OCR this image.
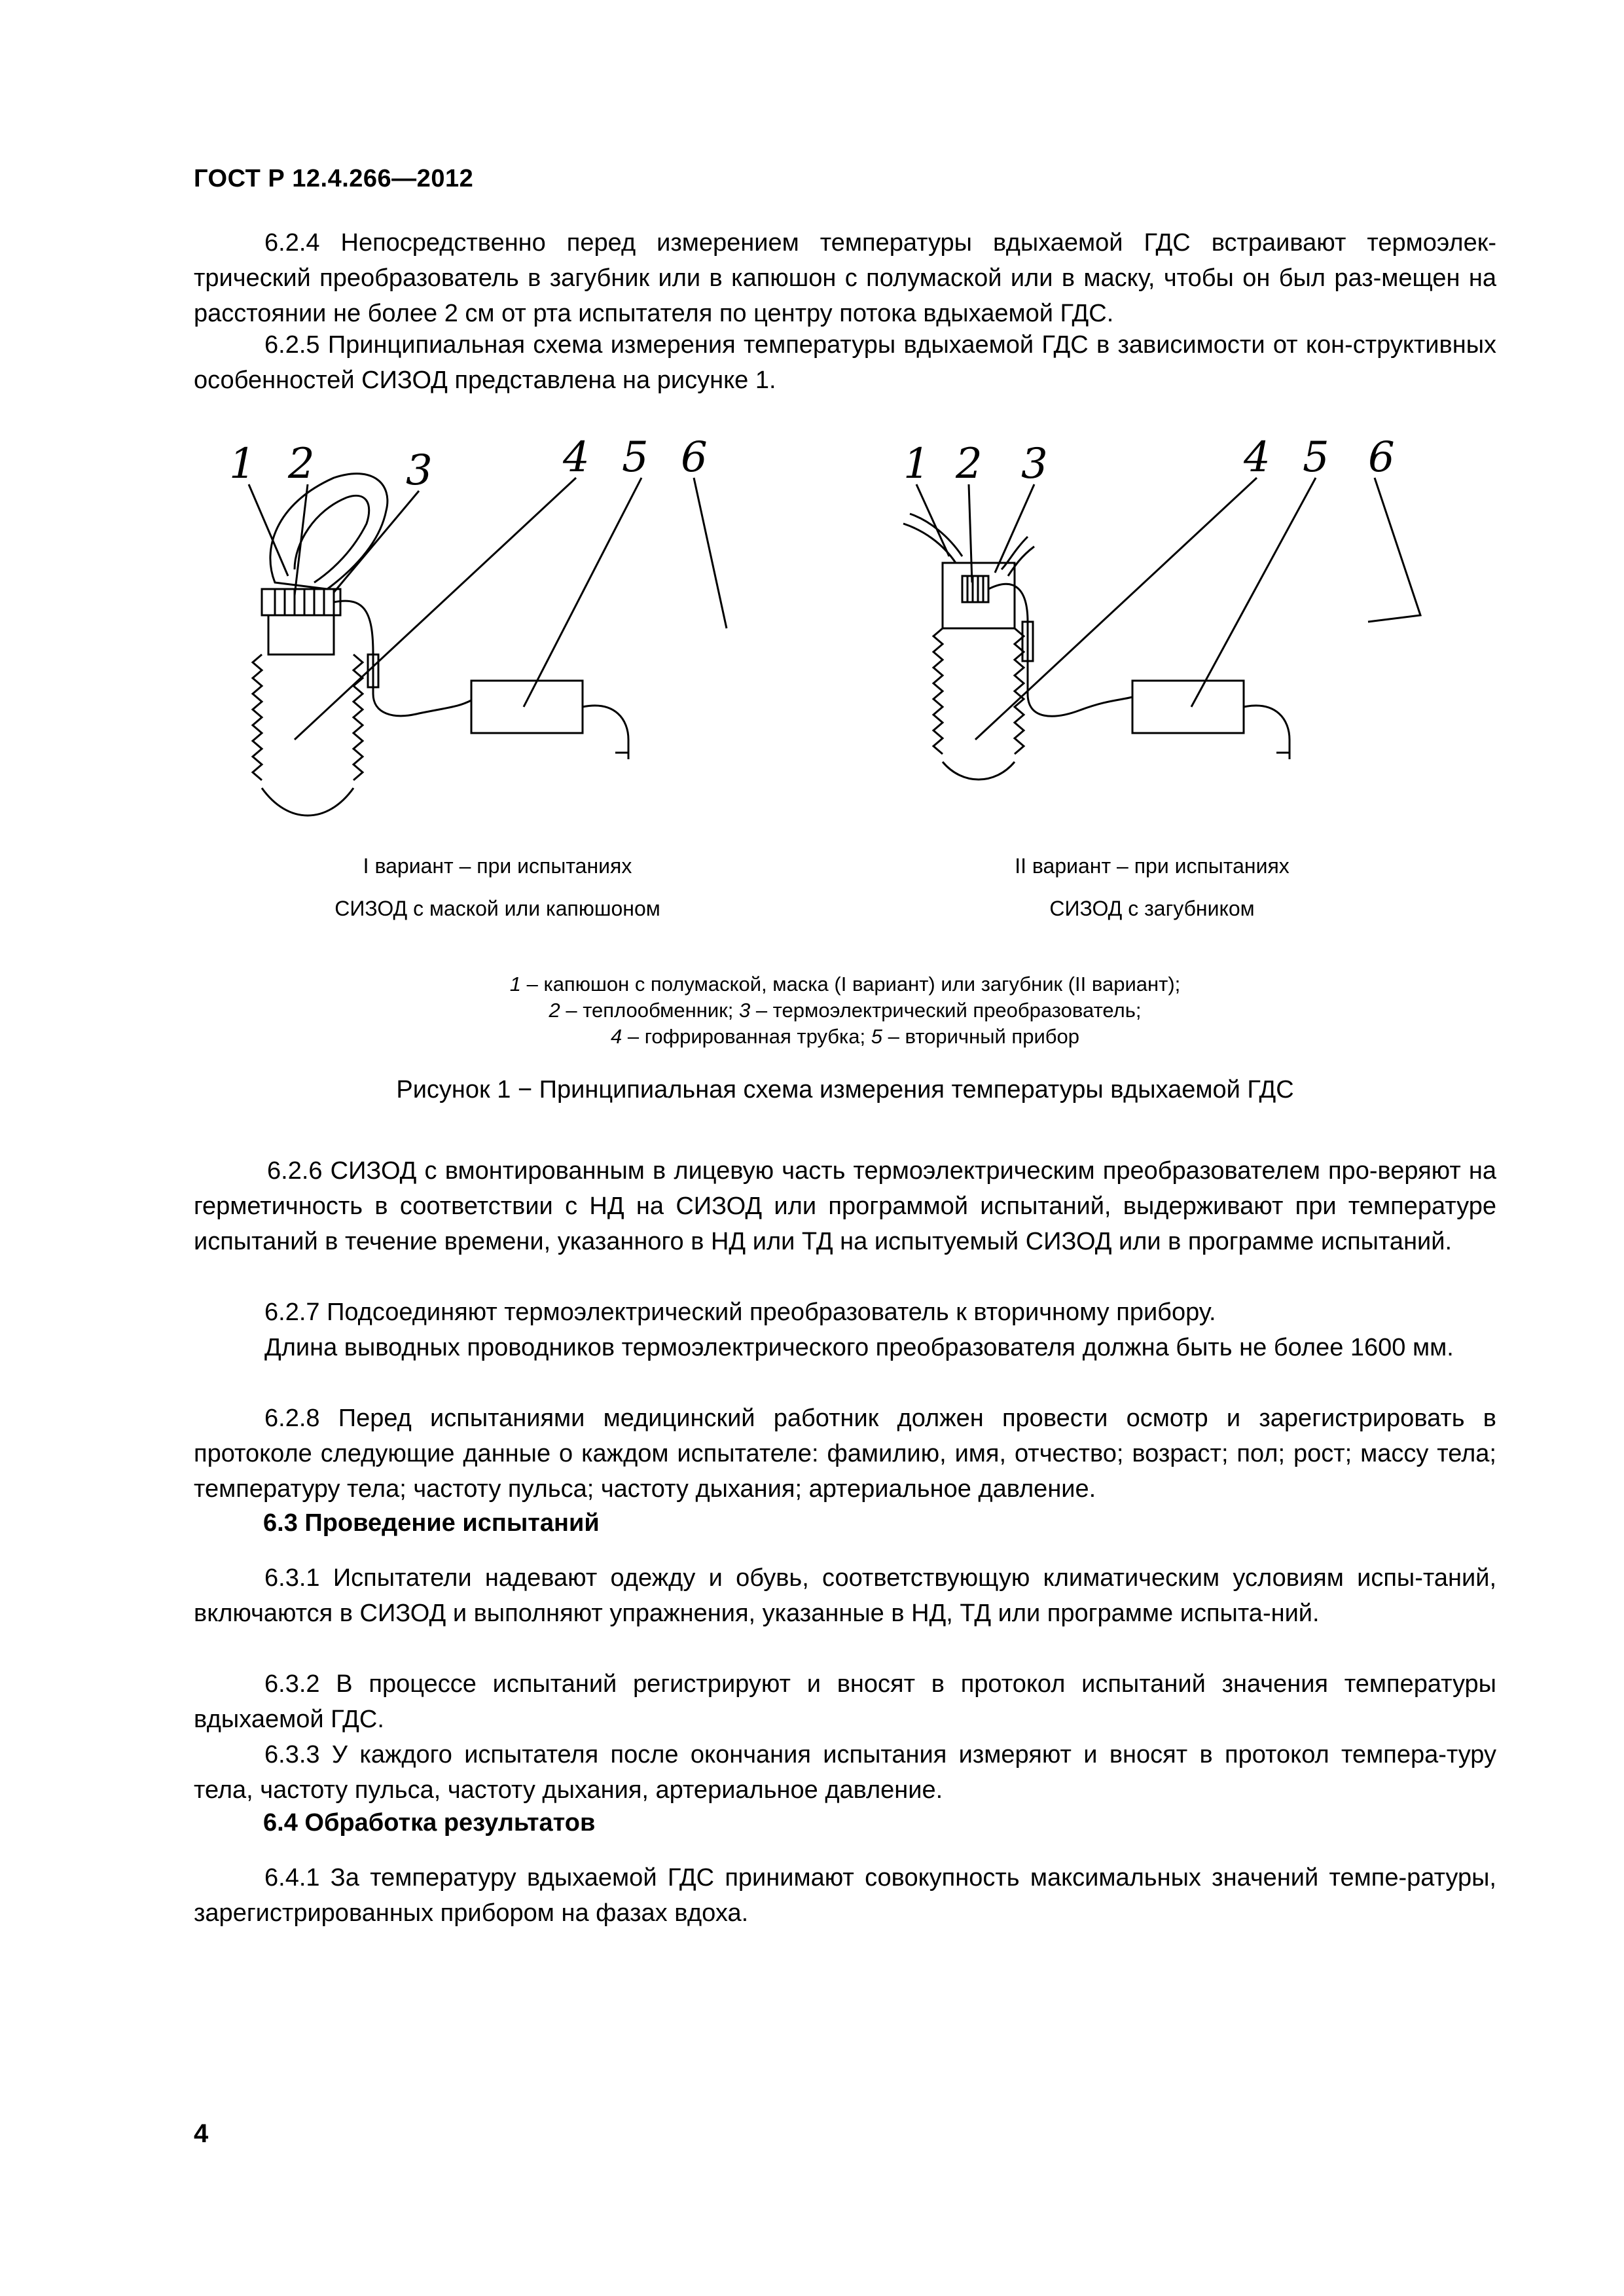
ГОСТ Р 12.4.266—2012

6.2.4 Непосредственно перед измерением температуры вдыхаемой ГДС встраивают термоэлек-трический преобразователь в загубник или в капюшон с полумаской или в маску, чтобы он был раз-мещен на расстоянии не более 2 см от рта испытателя по центру потока вдыхаемой ГДС.

6.2.5 Принципиальная схема измерения температуры вдыхаемой ГДС в зависимости от кон-структивных особенностей СИЗОД представлена на рисунке 1.

1 2 3	4 5 6	1 2 3	4 5 6
I вариант – при испытаниях
СИЗОД с маской или капюшоном
II вариант – при испытаниях
СИЗОД с загубником
1 – капюшон с полумаской, маска (I вариант) или загубник (II вариант);
2 – теплообменник; 3 – термоэлектрический преобразователь;
4 – гофрированная трубка; 5 – вторичный прибор
Рисунок 1 − Принципиальная схема измерения температуры вдыхаемой ГДС

6.2.6 СИЗОД с вмонтированным в лицевую часть термоэлектрическим преобразователем про-веряют на герметичность в соответствии с НД на СИЗОД или программой испытаний, выдерживают при температуре испытаний в течение времени, указанного в НД или ТД на испытуемый СИЗОД или в программе испытаний.

6.2.7 Подсоединяют термоэлектрический преобразователь к вторичному прибору.

Длина выводных проводников термоэлектрического преобразователя должна быть не более 1600 мм.

6.2.8 Перед испытаниями медицинский работник должен провести осмотр и зарегистрировать в протоколе следующие данные о каждом испытателе: фамилию, имя, отчество; возраст; пол; рост; массу тела; температуру тела; частоту пульса; частоту дыхания; артериальное давление.

6.3 Проведение испытаний

6.3.1 Испытатели надевают одежду и обувь, соответствующую климатическим условиям испы-таний, включаются в СИЗОД и выполняют упражнения, указанные в НД, ТД или программе испыта-ний.

6.3.2 В процессе испытаний регистрируют и вносят в протокол испытаний значения температуры вдыхаемой ГДС.

6.3.3 У каждого испытателя после окончания испытания измеряют и вносят в протокол темпера-туру тела, частоту пульса, частоту дыхания, артериальное давление.

6.4 Обработка результатов

6.4.1 За температуру вдыхаемой ГДС принимают совокупность максимальных значений темпе-ратуры, зарегистрированных прибором на фазах вдоха.

4
